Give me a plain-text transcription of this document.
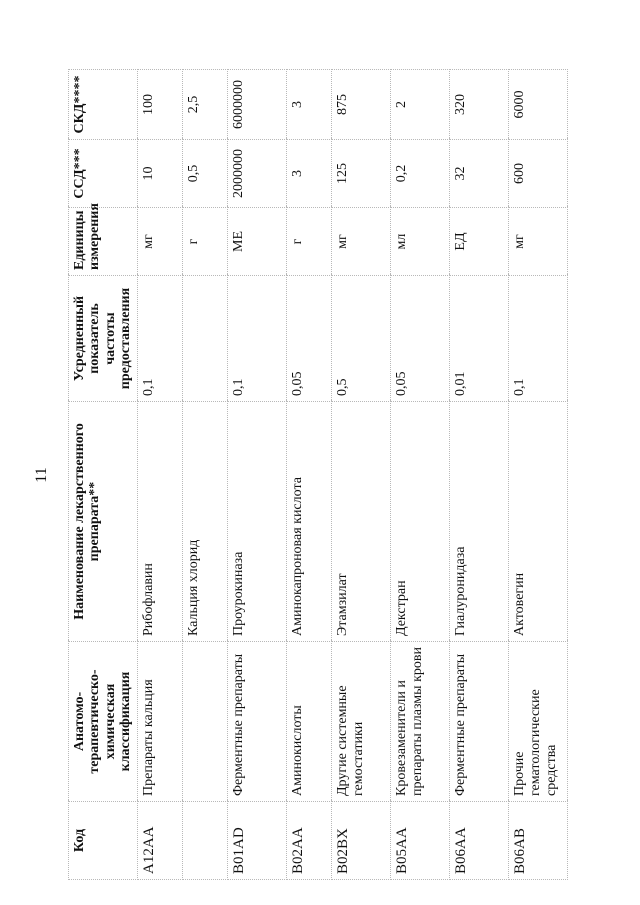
11
Код	Анатомо-терапевтическо-химическая классификация	Наименование лекарственного препарата**	Усредненный показатель частоты предоставления	Единицы измерения	ССД***	СКД****
A12AA	Препараты кальция	Рибофлавин	0,1	мг	10	100
		Кальция хлорид		г	0,5	2,5
B01AD	Ферментные препараты	Проурокиназа	0,1	МЕ	2000000	6000000
B02AA	Аминокислоты	Аминокапроновая кислота	0,05	г	3	3
B02BX	Другие системные гемостатики	Этамзилат	0,5	мг	125	875
B05AA	Кровезаменители и препараты плазмы крови	Декстран	0,05	мл	0,2	2
B06AA	Ферментные препараты	Гиалуронидаза	0,01	ЕД	32	320
B06AB	Прочие гематологические средства	Актовегин	0,1	мг	600	6000
